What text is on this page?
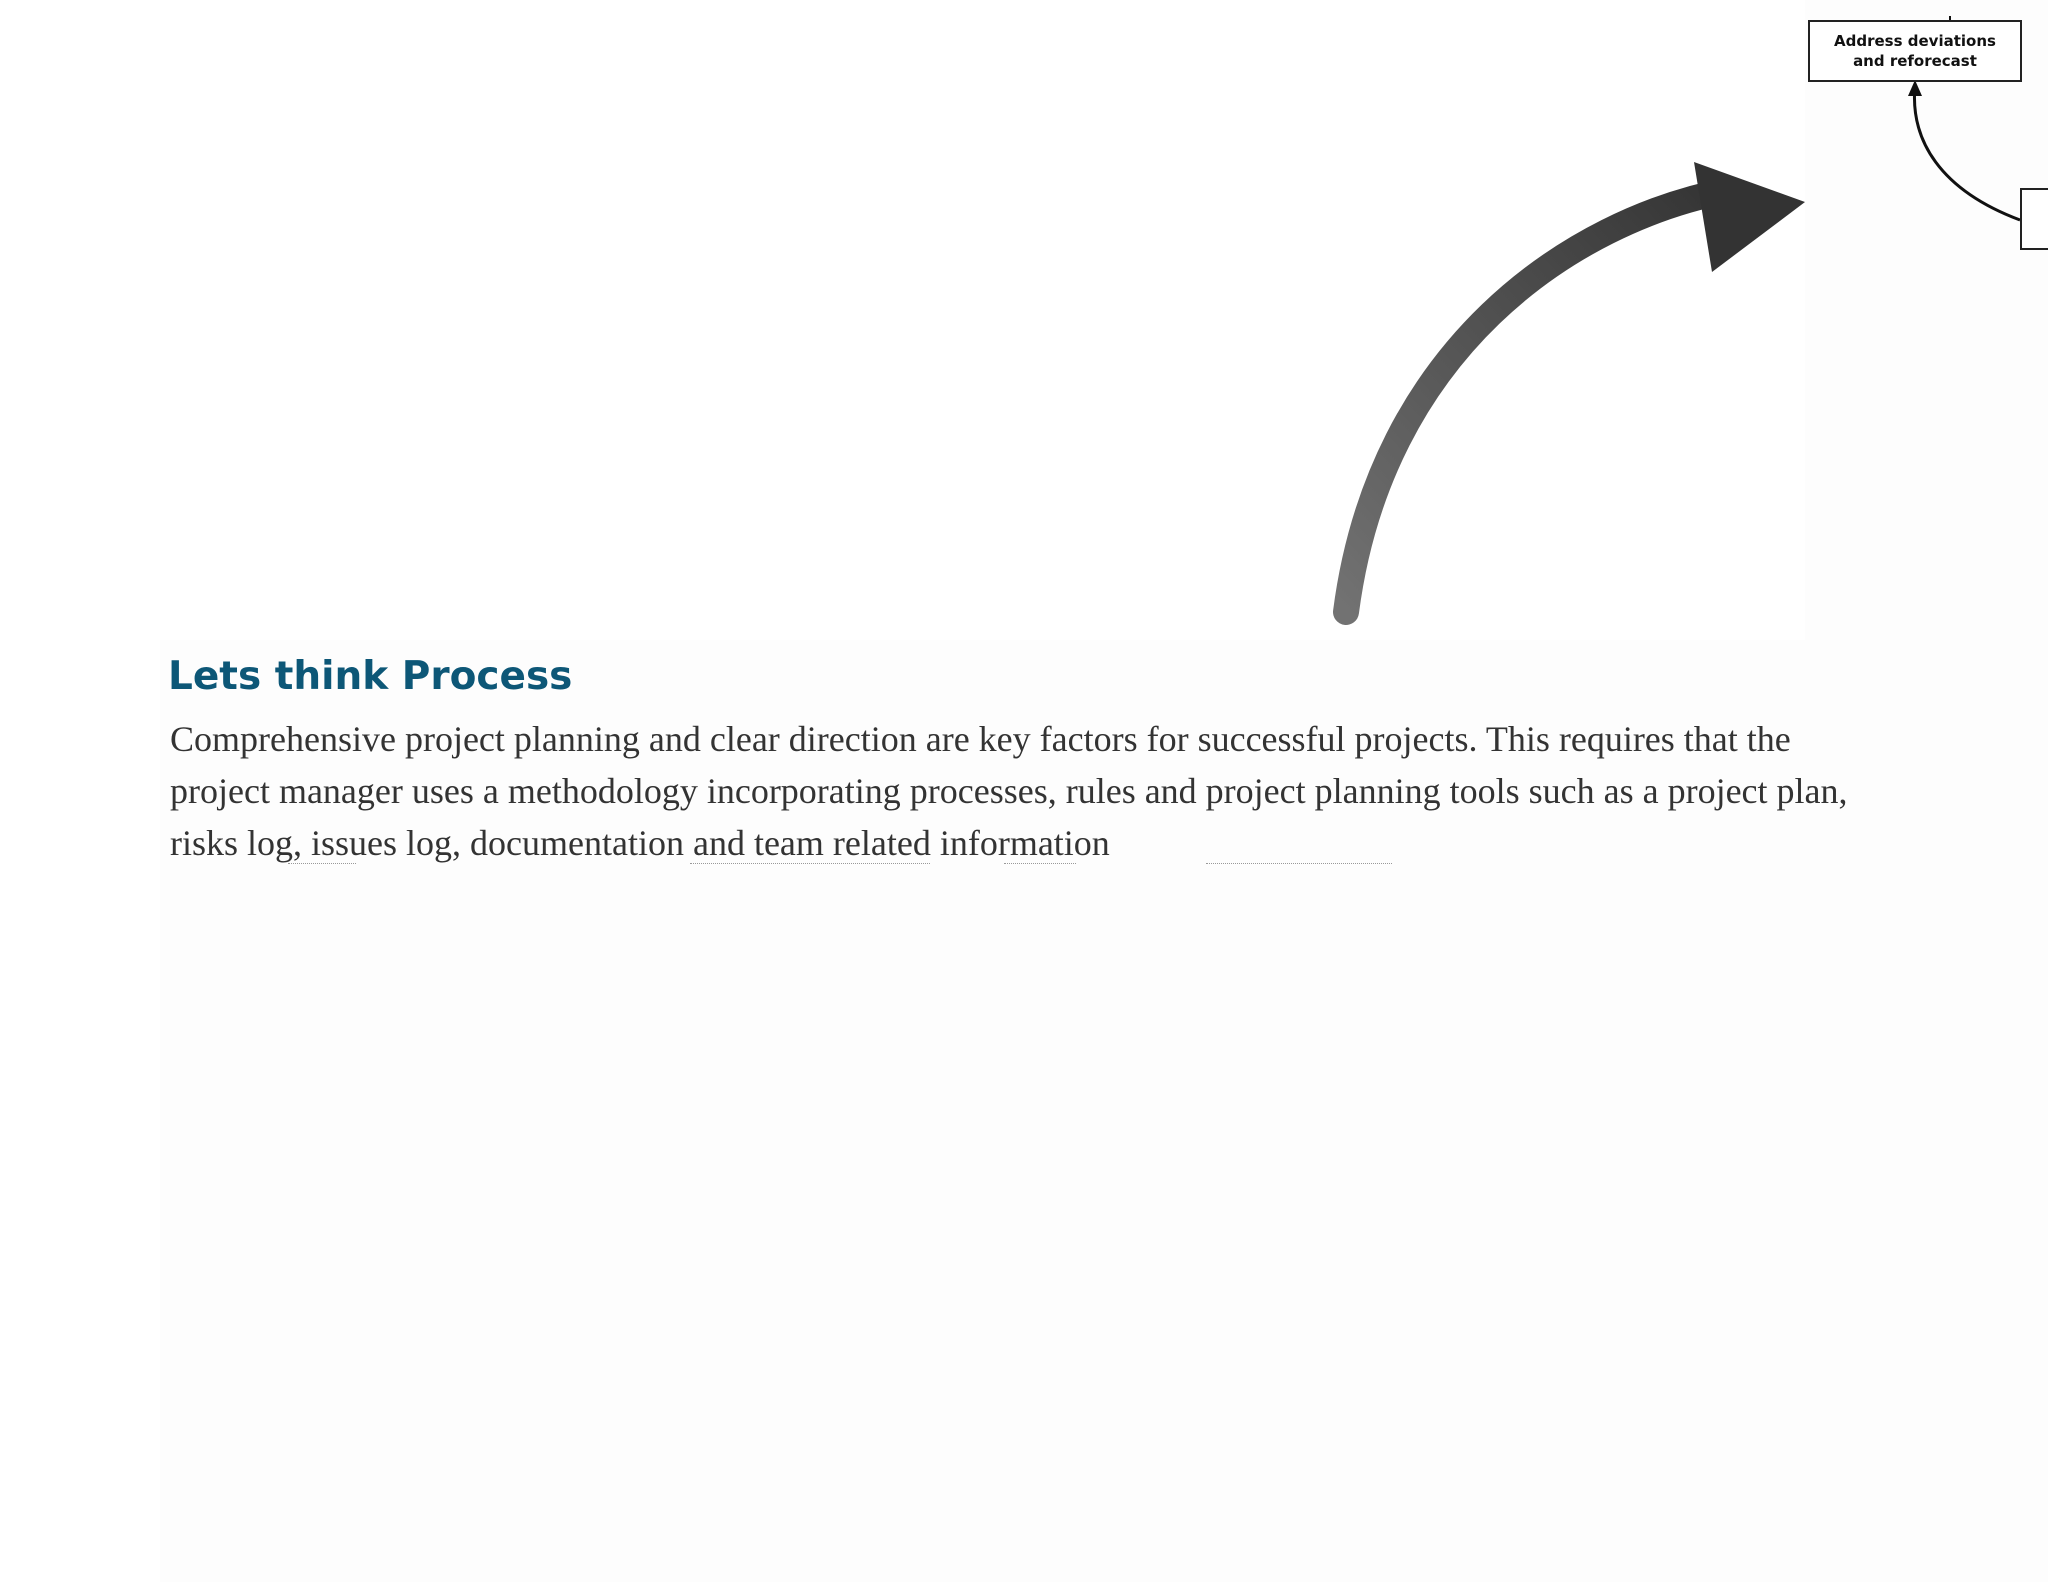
Address deviations and reforecast
Lets think Process

Comprehensive project planning and clear direction are key factors for successful projects. This requires that the project manager uses a methodology incorporating processes, rules and project planning tools such as a project plan, risks log, issues log, documentation and team related information
